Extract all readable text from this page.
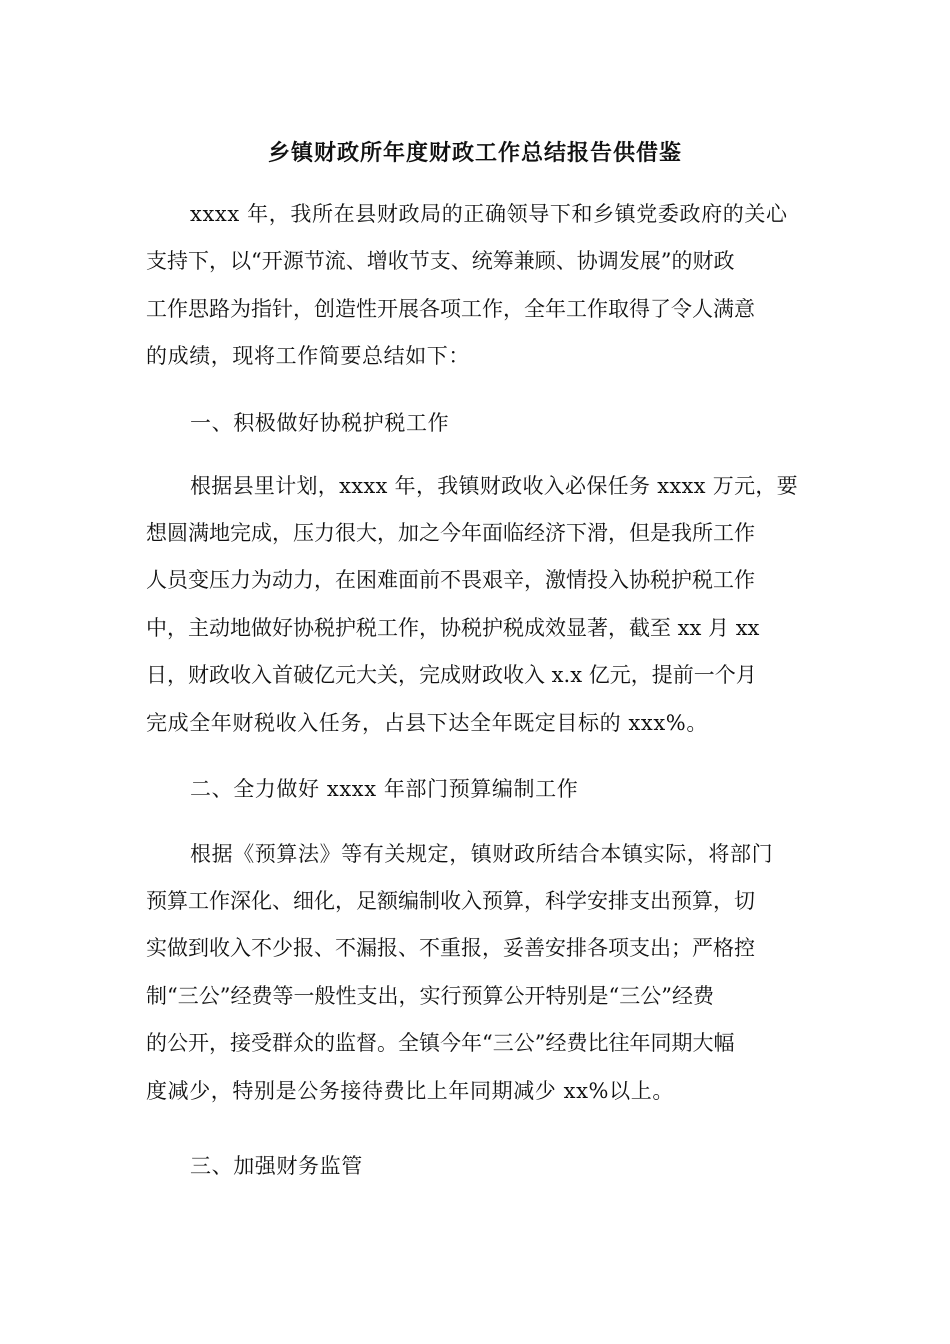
乡镇财政所年度财政工作总结报告供借鉴
xxxx 年，我所在县财政局的正确领导下和乡镇党委政府的关心
支持下，以“开源节流、增收节支、统筹兼顾、协调发展”的财政
工作思路为指针，创造性开展各项工作，全年工作取得了令人满意
的成绩，现将工作简要总结如下：
一、积极做好协税护税工作
根据县里计划，xxxx 年，我镇财政收入必保任务 xxxx 万元，要
想圆满地完成，压力很大，加之今年面临经济下滑，但是我所工作
人员变压力为动力，在困难面前不畏艰辛，激情投入协税护税工作
中，主动地做好协税护税工作，协税护税成效显著，截至 xx 月 xx
日，财政收入首破亿元大关，完成财政收入 x.x 亿元，提前一个月
完成全年财税收入任务，占县下达全年既定目标的 xxx%。
二、全力做好 xxxx 年部门预算编制工作
根据《预算法》等有关规定，镇财政所结合本镇实际，将部门
预算工作深化、细化，足额编制收入预算，科学安排支出预算，切
实做到收入不少报、不漏报、不重报，妥善安排各项支出；严格控
制“三公”经费等一般性支出，实行预算公开特别是“三公”经费
的公开，接受群众的监督。全镇今年“三公”经费比往年同期大幅
度减少，特别是公务接待费比上年同期减少 xx%以上。
三、加强财务监管
